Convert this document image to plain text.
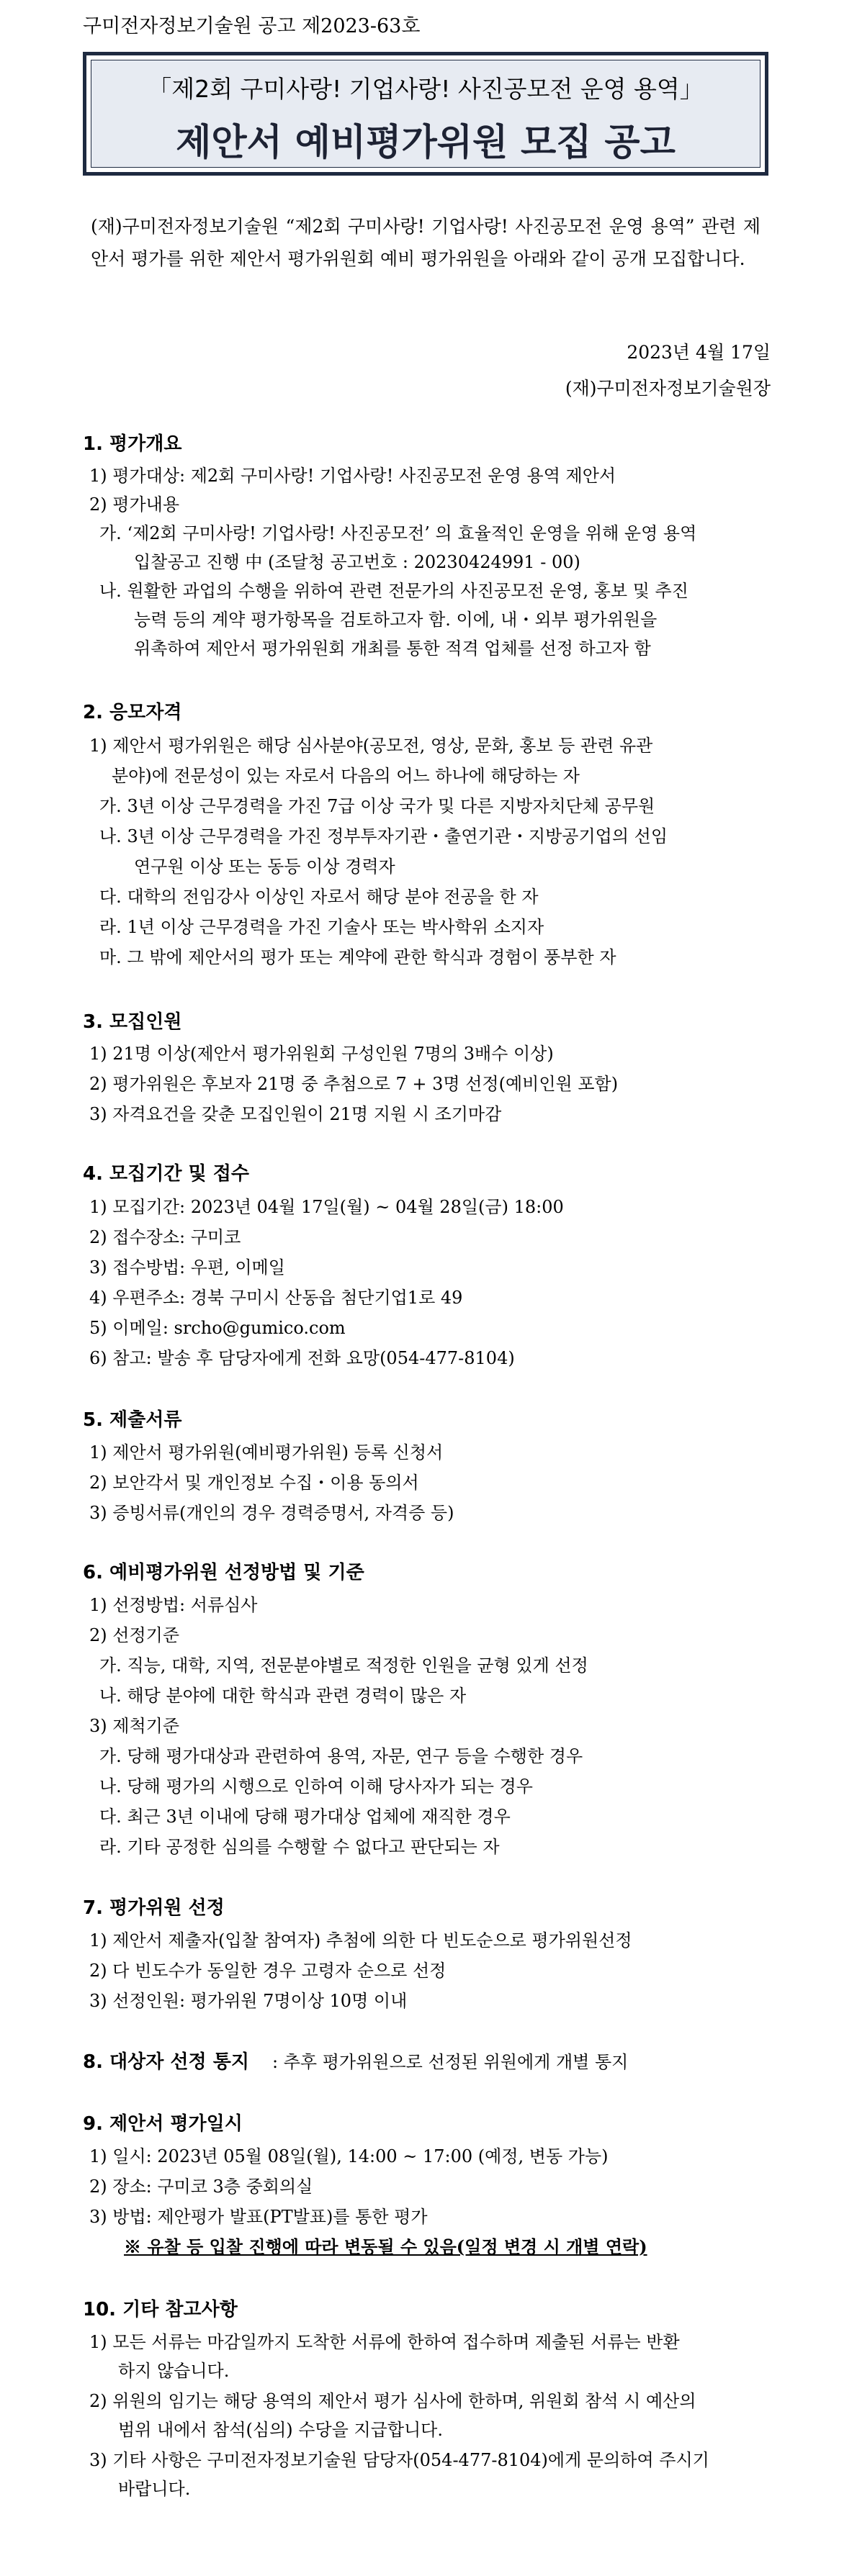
구미전자정보기술원 공고 제2023-63호
「제2회 구미사랑! 기업사랑! 사진공모전 운영 용역」
제안서 예비평가위원 모집 공고
(재)구미전자정보기술원 “제2회 구미사랑! 기업사랑! 사진공모전 운영 용역” 관련 제안서 평가를 위한 제안서 평가위원회 예비 평가위원을 아래와 같이 공개 모집합니다.
2023년 4월 17일
(재)구미전자정보기술원장
1. 평가개요
1) 평가대상: 제2회 구미사랑! 기업사랑! 사진공모전 운영 용역 제안서
2) 평가내용
가. ‘제2회 구미사랑! 기업사랑! 사진공모전’ 의 효율적인 운영을 위해 운영 용역
입찰공고 진행 中 (조달청 공고번호 : 20230424991 - 00)
나. 원활한 과업의 수행을 위하여 관련 전문가의 사진공모전 운영, 홍보 및 추진
능력 등의 계약 평가항목을 검토하고자 함. 이에, 내・외부 평가위원을
위촉하여 제안서 평가위원회 개최를 통한 적격 업체를 선정 하고자 함
2. 응모자격
1) 제안서 평가위원은 해당 심사분야(공모전, 영상, 문화, 홍보 등 관련 유관
분야)에 전문성이 있는 자로서 다음의 어느 하나에 해당하는 자
가. 3년 이상 근무경력을 가진 7급 이상 국가 및 다른 지방자치단체 공무원
나. 3년 이상 근무경력을 가진 정부투자기관・출연기관・지방공기업의 선임
연구원 이상 또는 동등 이상 경력자
다. 대학의 전임강사 이상인 자로서 해당 분야 전공을 한 자
라. 1년 이상 근무경력을 가진 기술사 또는 박사학위 소지자
마. 그 밖에 제안서의 평가 또는 계약에 관한 학식과 경험이 풍부한 자
3. 모집인원
1) 21명 이상(제안서 평가위원회 구성인원 7명의 3배수 이상)
2) 평가위원은 후보자 21명 중 추첨으로 7 + 3명 선정(예비인원 포함)
3) 자격요건을 갖춘 모집인원이 21명 지원 시 조기마감
4. 모집기간 및 접수
1) 모집기간: 2023년 04월 17일(월) ~ 04월 28일(금) 18:00
2) 접수장소: 구미코
3) 접수방법: 우편, 이메일
4) 우편주소: 경북 구미시 산동읍 첨단기업1로 49
5) 이메일: srcho@gumico.com
6) 참고: 발송 후 담당자에게 전화 요망(054-477-8104)
5. 제출서류
1) 제안서 평가위원(예비평가위원) 등록 신청서
2) 보안각서 및 개인정보 수집・이용 동의서
3) 증빙서류(개인의 경우 경력증명서, 자격증 등)
6. 예비평가위원 선정방법 및 기준
1) 선정방법: 서류심사
2) 선정기준
가. 직능, 대학, 지역, 전문분야별로 적정한 인원을 균형 있게 선정
나. 해당 분야에 대한 학식과 관련 경력이 많은 자
3) 제척기준
가. 당해 평가대상과 관련하여 용역, 자문, 연구 등을 수행한 경우
나. 당해 평가의 시행으로 인하여 이해 당사자가 되는 경우
다. 최근 3년 이내에 당해 평가대상 업체에 재직한 경우
라. 기타 공정한 심의를 수행할 수 없다고 판단되는 자
7. 평가위원 선정
1) 제안서 제출자(입찰 참여자) 추첨에 의한 다 빈도순으로 평가위원선정
2) 다 빈도수가 동일한 경우 고령자 순으로 선정
3) 선정인원: 평가위원 7명이상 10명 이내
8. 대상자 선정 통지 : 추후 평가위원으로 선정된 위원에게 개별 통지
9. 제안서 평가일시
1) 일시: 2023년 05월 08일(월), 14:00 ~ 17:00 (예정, 변동 가능)
2) 장소: 구미코 3층 중회의실
3) 방법: 제안평가 발표(PT발표)를 통한 평가
※ 유찰 등 입찰 진행에 따라 변동될 수 있음(일정 변경 시 개별 연락)
10. 기타 참고사항
1) 모든 서류는 마감일까지 도착한 서류에 한하여 접수하며 제출된 서류는 반환
하지 않습니다.
2) 위원의 임기는 해당 용역의 제안서 평가 심사에 한하며, 위원회 참석 시 예산의
범위 내에서 참석(심의) 수당을 지급합니다.
3) 기타 사항은 구미전자정보기술원 담당자(054-477-8104)에게 문의하여 주시기
바랍니다.
